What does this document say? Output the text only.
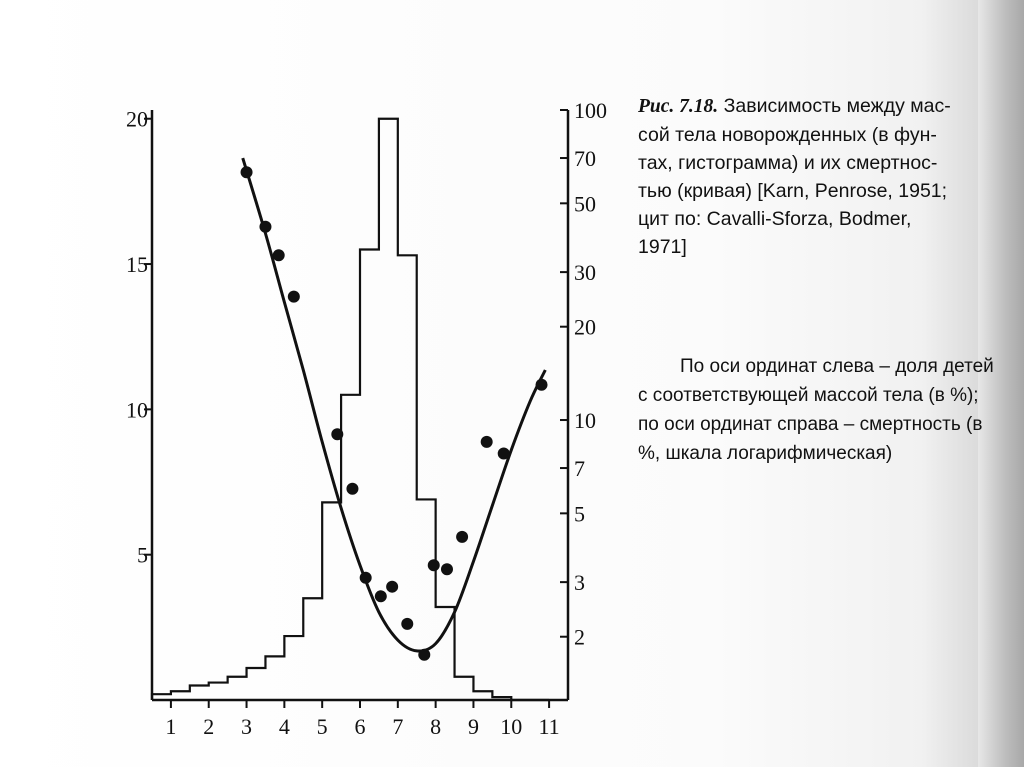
1 2 3 4 5 6 7 8 9 10 11
5
10
15
20
2
3
5
7
10
20
30
50
70
100 Рис. 7.18. Зависимость между мас-
сой тела новорожденных (в фун-
тах, гистограмма) и их смертнос-
тью (кривая) [Karn, Penrose, 1951;
цит по: Cavalli-Sforza, Bodmer,
1971]
По оси ординат слева – доля детей
с соответствующей массой тела (в %);
по оси ординат справа – смертность (в
%, шкала логарифмическая)
